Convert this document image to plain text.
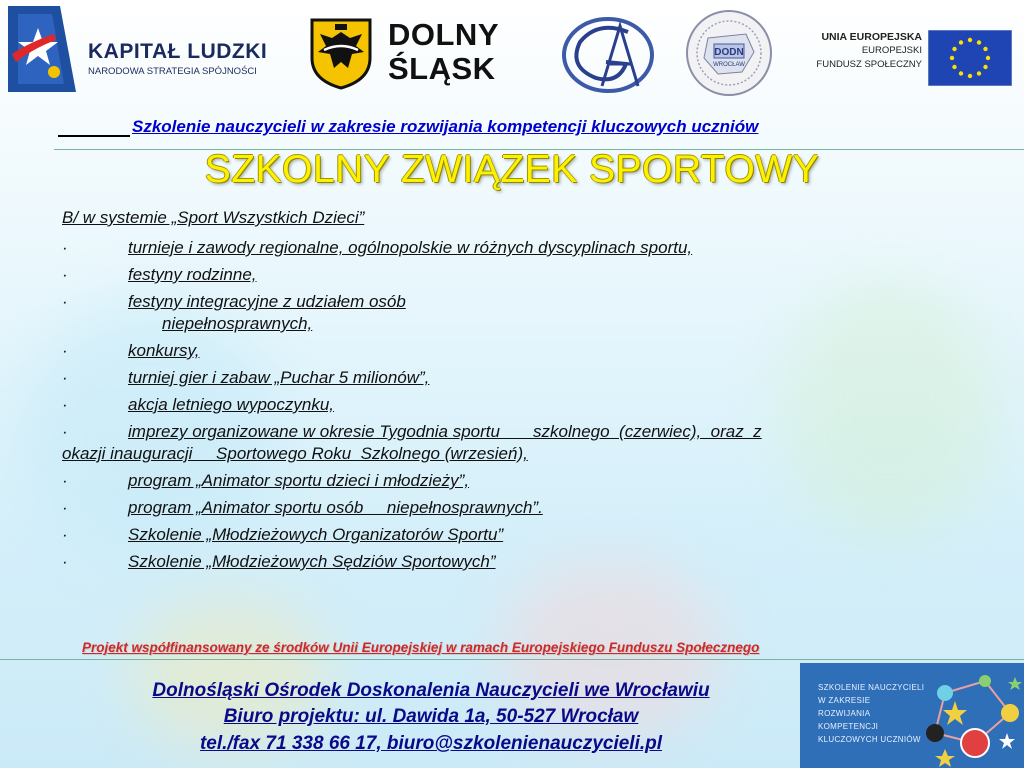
KAPITAŁ LUDZKI
NARODOWA STRATEGIA SPÓJNOŚCI
DOLNY
ŚLĄSK	DODN
WROCŁAW
UNIA EUROPEJSKA
EUROPEJSKI
FUNDUSZ SPOŁECZNY
Szkolenie nauczycieli w zakresie rozwijania kompetencji kluczowych uczniów
SZKOLNY ZWIĄZEK SPORTOWY
B/ w systemie „Sport Wszystkich Dzieci”
·	turnieje i zawody regionalne, ogólnopolskie w różnych dyscyplinach sportu,
·	festyny rodzinne,
·	festyny integracyjne z udziałem osób
niepełnosprawnych,
·	konkursy,
·	turniej gier i zabaw „Puchar 5 milionów”,
·	akcja letniego wypoczynku,
·	imprezy organizowane w okresie Tygodnia sportu       szkolnego  (czerwiec),  oraz  z
okazji inauguracji     Sportowego Roku  Szkolnego (wrzesień),
·	program „Animator sportu dzieci i młodzieży”,
·	program „Animator sportu osób     niepełnosprawnych”.
·	Szkolenie „Młodzieżowych Organizatorów Sportu”
·	Szkolenie „Młodzieżowych Sędziów Sportowych”
Projekt współfinansowany ze środków Unii Europejskiej w ramach Europejskiego Funduszu Społecznego
Dolnośląski Ośrodek Doskonalenia Nauczycieli we Wrocławiu
Biuro projektu: ul. Dawida 1a, 50-527 Wrocław
tel./fax 71 338 66 17, biuro@szkolenienauczycieli.pl
SZKOLENIE NAUCZYCIELI
W ZAKRESIE
ROZWIJANIA
KOMPETENCJI
KLUCZOWYCH UCZNIÓW
